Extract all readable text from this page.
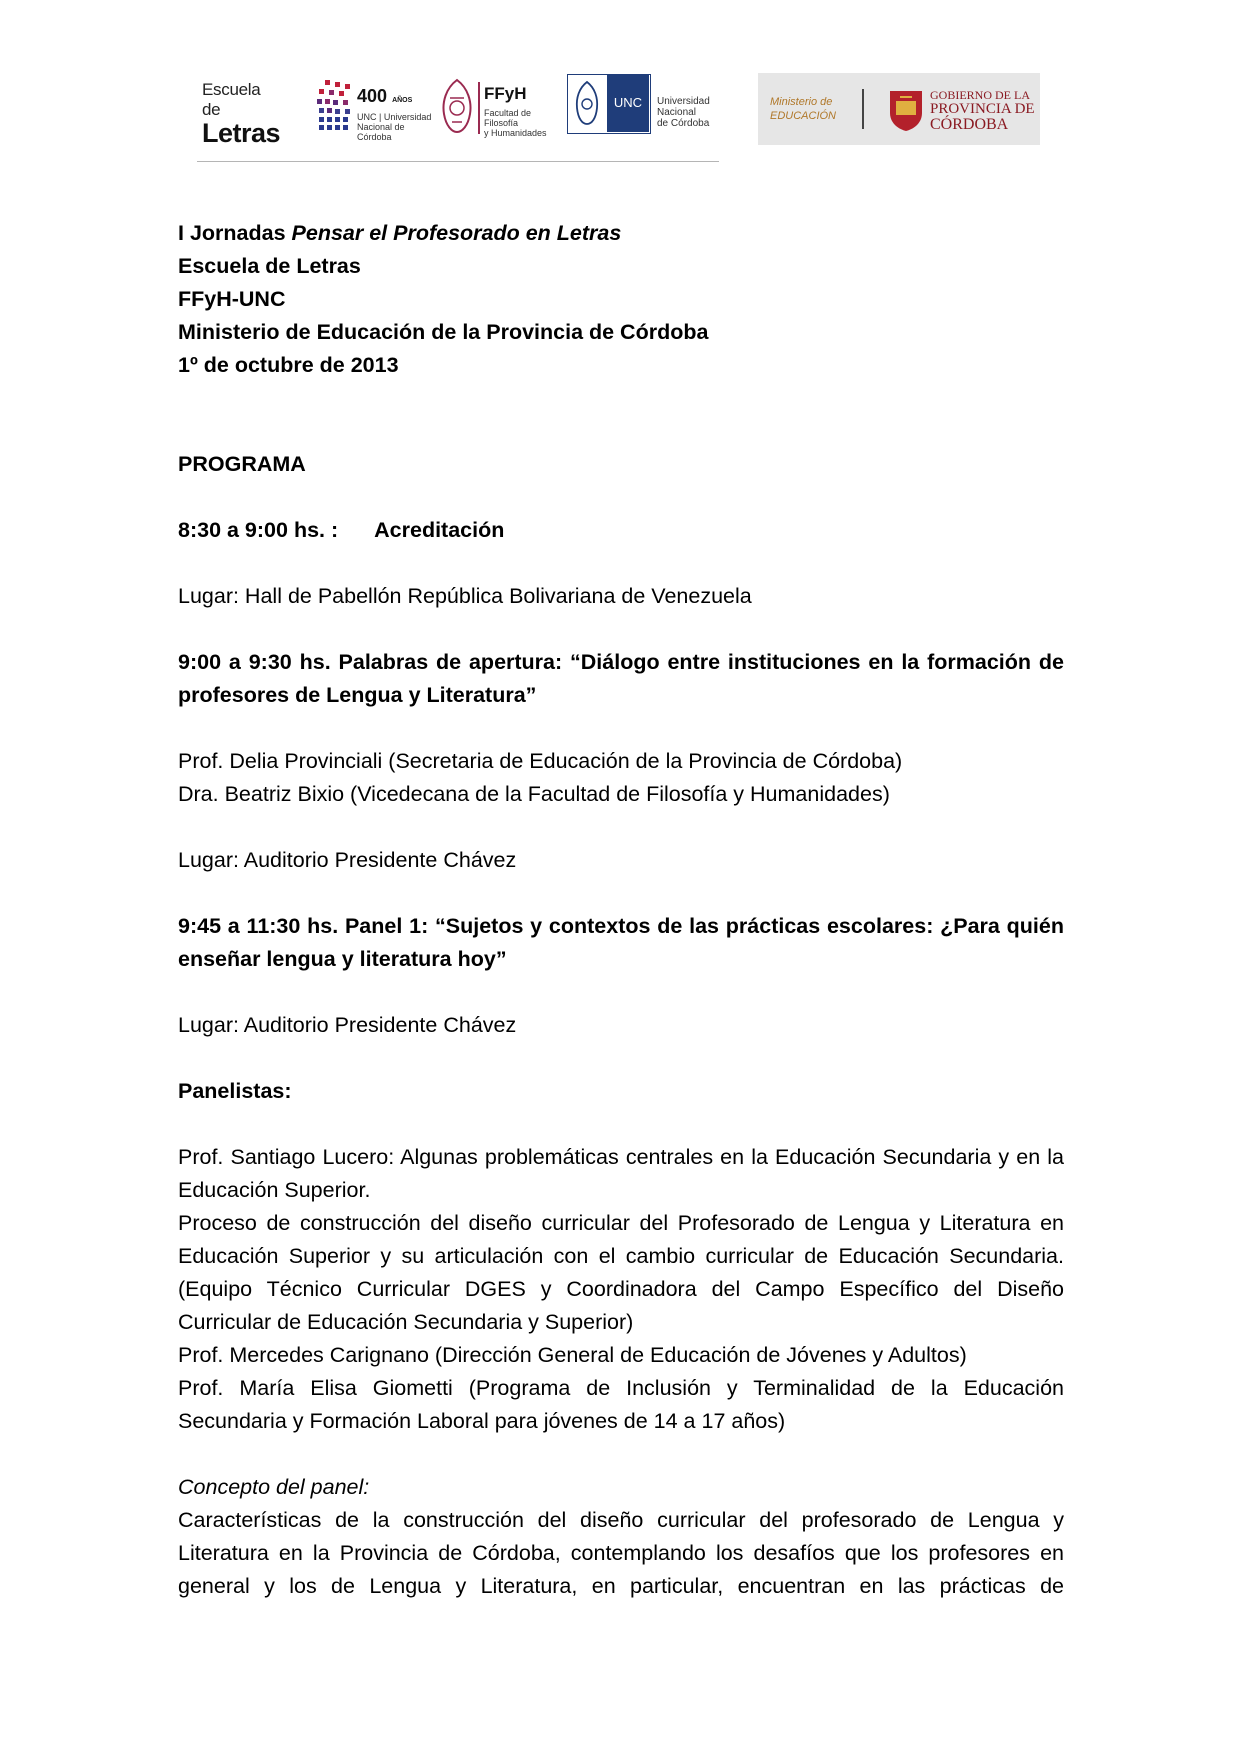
Escuela de
Letras
400 AÑOS
UNC | Universidad
Nacional de Córdoba
FFyH
Facultad de Filosofía
y Humanidades
UNC	Universidad
Nacional
de Córdoba
Ministerio de
EDUCACIÓN
GOBIERNO DE LA
PROVINCIA DE
CÓRDOBA

I Jornadas Pensar el Profesorado en Letras

Escuela de Letras

FFyH-UNC

Ministerio de Educación de la Provincia de Córdoba

1º de octubre de 2013

PROGRAMA

8:30 a 9:00 hs. : Acreditación

Lugar: Hall de Pabellón República Bolivariana de Venezuela

9:00 a 9:30 hs. Palabras de apertura: “Diálogo entre instituciones en la formación de profesores de Lengua y Literatura”

Prof. Delia Provinciali (Secretaria de Educación de la Provincia de Córdoba)

Dra. Beatriz Bixio (Vicedecana de la Facultad de Filosofía y Humanidades)

Lugar: Auditorio Presidente Chávez

9:45 a 11:30 hs. Panel 1: “Sujetos y contextos de las prácticas escolares: ¿Para quién enseñar lengua y literatura hoy”

Lugar: Auditorio Presidente Chávez

Panelistas:

Prof. Santiago Lucero: Algunas problemáticas centrales en la Educación Secundaria y en la Educación Superior.

Proceso de construcción del diseño curricular del Profesorado de Lengua y Literatura en Educación Superior y su articulación con el cambio curricular de Educación Secundaria. (Equipo Técnico Curricular DGES y Coordinadora del Campo Específico del Diseño Curricular de Educación Secundaria y Superior)

Prof. Mercedes Carignano (Dirección General de Educación de Jóvenes y Adultos)

Prof. María Elisa Giometti (Programa de Inclusión y Terminalidad de la Educación Secundaria y Formación Laboral para jóvenes de 14 a 17 años)

Concepto del panel:

Características de la construcción del diseño curricular del profesorado de Lengua y Literatura en la Provincia de Córdoba, contemplando los desafíos que los profesores en general y los de Lengua y Literatura, en particular, encuentran en las prácticas de
